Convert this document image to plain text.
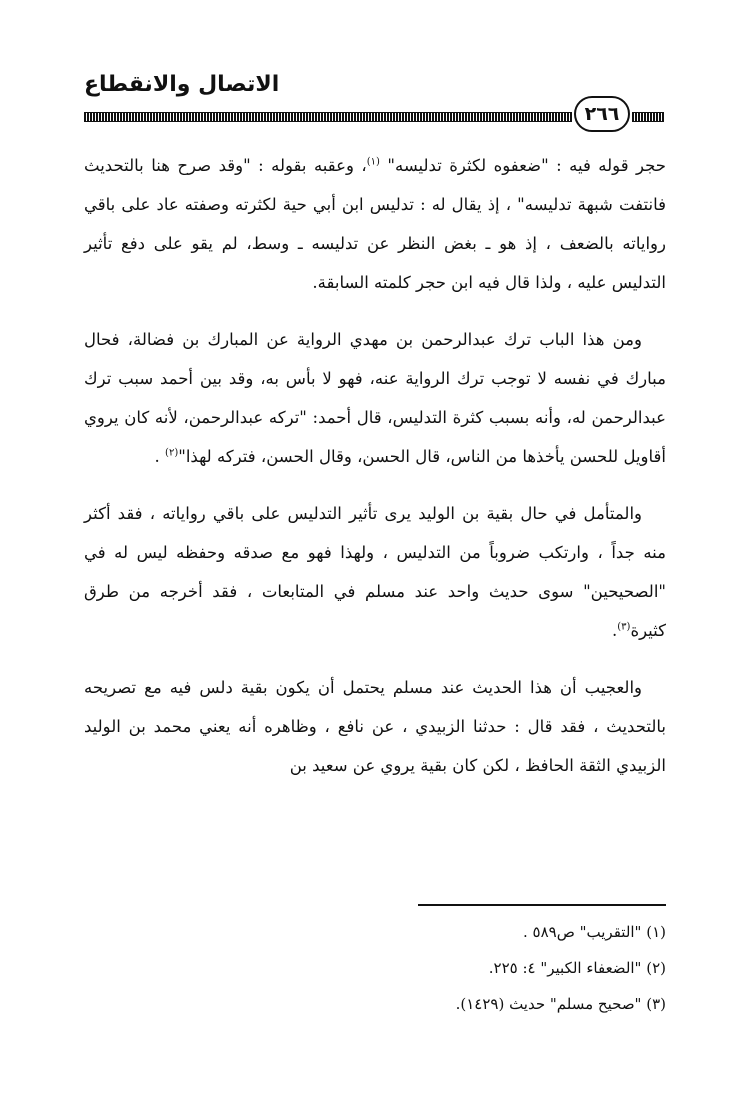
الاتصال والانقطاع
٢٦٦

حجر قوله فيه : "ضعفوه لكثرة تدليسه" $^{(١)}$، وعقبه بقوله : "وقد صرح هنا بالتحديث فانتفت شبهة تدليسه" ، إذ يقال له : تدليس ابن أبي حية لكثرته وصفته عاد على باقي رواياته بالضعف ، إذ هو ـ بغض النظر عن تدليسه ـ وسط، لم يقو على دفع تأثير التدليس عليه ، ولذا قال فيه ابن حجر كلمته السابقة.

ومن هذا الباب ترك عبدالرحمن بن مهدي الرواية عن المبارك بن فضالة، فحال مبارك في نفسه لا توجب ترك الرواية عنه، فهو لا بأس به، وقد بين أحمد سبب ترك عبدالرحمن له، وأنه بسبب كثرة التدليس، قال أحمد: "تركه عبدالرحمن، لأنه كان يروي أقاويل للحسن يأخذها من الناس، قال الحسن، وقال الحسن، فتركه لهذا"$^{(٢)}$ .

والمتأمل في حال بقية بن الوليد يرى تأثير التدليس على باقي رواياته ، فقد أكثر منه جداً ، وارتكب ضروباً من التدليس ، ولهذا فهو مع صدقه وحفظه ليس له في "الصحيحين" سوى حديث واحد عند مسلم في المتابعات ، فقد أخرجه من طرق كثيرة$^{(٣)}$.

والعجيب أن هذا الحديث عند مسلم يحتمل أن يكون بقية دلس فيه مع تصريحه بالتحديث ، فقد قال : حدثنا الزبيدي ، عن نافع ، وظاهره أنه يعني محمد بن الوليد الزبيدي الثقة الحافظ ، لكن كان بقية يروي عن سعيد بن

(١) "التقريب" ص٥٨٩ .
(٢) "الضعفاء الكبير" ٤: ٢٢٥.
(٣) "صحيح مسلم" حديث (١٤٢٩).
